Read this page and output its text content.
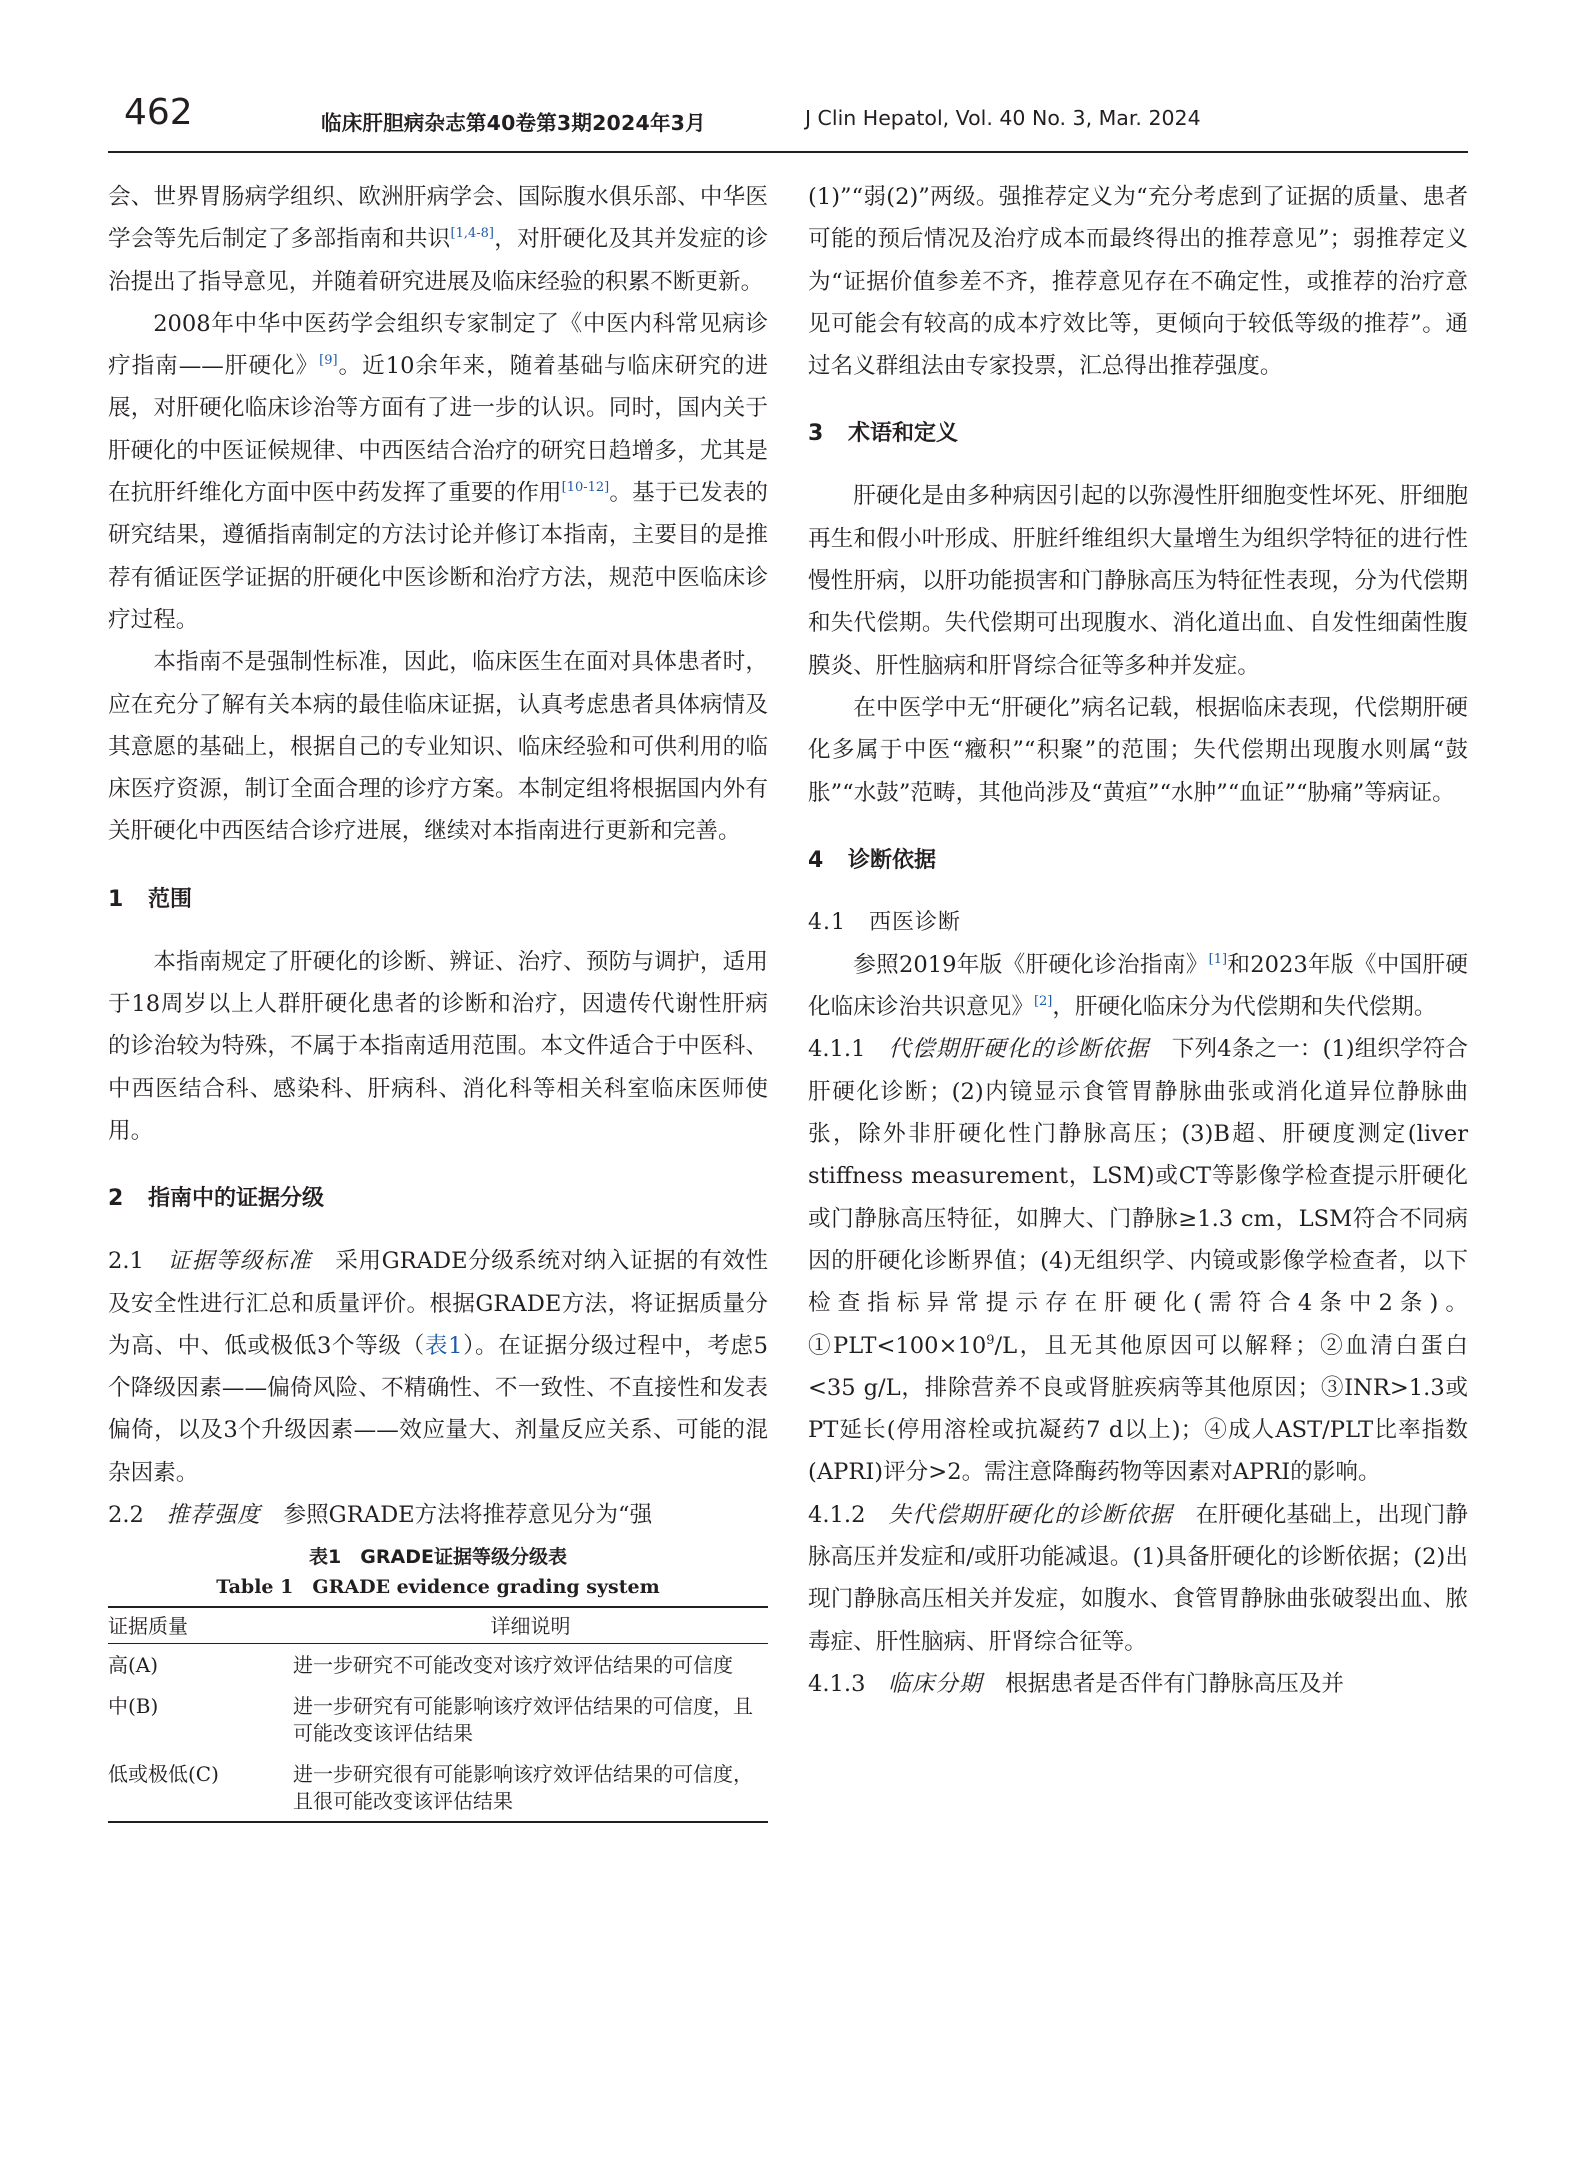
462	临床肝胆病杂志第40卷第3期2024年3月	J Clin Hepatol, Vol. 40 No. 3, Mar. 2024

会、世界胃肠病学组织、欧洲肝病学会、国际腹水俱乐部、中华医学会等先后制定了多部指南和共识[1,4-8]，对肝硬化及其并发症的诊治提出了指导意见，并随着研究进展及临床经验的积累不断更新。

2008年中华中医药学会组织专家制定了《中医内科常见病诊疗指南——肝硬化》[9]。近10余年来，随着基础与临床研究的进展，对肝硬化临床诊治等方面有了进一步的认识。同时，国内关于肝硬化的中医证候规律、中西医结合治疗的研究日趋增多，尤其是在抗肝纤维化方面中医中药发挥了重要的作用[10-12]。基于已发表的研究结果，遵循指南制定的方法讨论并修订本指南，主要目的是推荐有循证医学证据的肝硬化中医诊断和治疗方法，规范中医临床诊疗过程。

本指南不是强制性标准，因此，临床医生在面对具体患者时，应在充分了解有关本病的最佳临床证据，认真考虑患者具体病情及其意愿的基础上，根据自己的专业知识、临床经验和可供利用的临床医疗资源，制订全面合理的诊疗方案。本制定组将根据国内外有关肝硬化中西医结合诊疗进展，继续对本指南进行更新和完善。

1 范围

本指南规定了肝硬化的诊断、辨证、治疗、预防与调护，适用于18周岁以上人群肝硬化患者的诊断和治疗，因遗传代谢性肝病的诊治较为特殊，不属于本指南适用范围。本文件适合于中医科、中西医结合科、感染科、肝病科、消化科等相关科室临床医师使用。

2 指南中的证据分级

2.1　 证据等级标准　 采用GRADE分级系统对纳入证据的有效性及安全性进行汇总和质量评价。根据GRADE方法，将证据质量分为高、中、低或极低3个等级（表1）。在证据分级过程中，考虑5个降级因素——偏倚风险、不精确性、不一致性、不直接性和发表偏倚，以及3个升级因素——效应量大、剂量反应关系、可能的混杂因素。

2.2　 推荐强度　 参照GRADE方法将推荐意见分为“强

表1　GRADE证据等级分级表
Table 1　GRADE evidence grading system
证据质量	详细说明
高(A)	进一步研究不可能改变对该疗效评估结果的可信度
中(B)	进一步研究有可能影响该疗效评估结果的可信度，且可能改变该评估结果
低或极低(C)	进一步研究很有可能影响该疗效评估结果的可信度，且很可能改变该评估结果

(1)”“弱(2)”两级。强推荐定义为“充分考虑到了证据的质量、患者可能的预后情况及治疗成本而最终得出的推荐意见”；弱推荐定义为“证据价值参差不齐，推荐意见存在不确定性，或推荐的治疗意见可能会有较高的成本疗效比等，更倾向于较低等级的推荐”。通过名义群组法由专家投票，汇总得出推荐强度。

3 术语和定义

肝硬化是由多种病因引起的以弥漫性肝细胞变性坏死、肝细胞再生和假小叶形成、肝脏纤维组织大量增生为组织学特征的进行性慢性肝病，以肝功能损害和门静脉高压为特征性表现，分为代偿期和失代偿期。失代偿期可出现腹水、消化道出血、自发性细菌性腹膜炎、肝性脑病和肝肾综合征等多种并发症。

在中医学中无“肝硬化”病名记载，根据临床表现，代偿期肝硬化多属于中医“癥积”“积聚”的范围；失代偿期出现腹水则属“鼓胀”“水鼓”范畴，其他尚涉及“黄疸”“水肿”“血证”“胁痛”等病证。

4 诊断依据
4.1　西医诊断

参照2019年版《肝硬化诊治指南》[1]和2023年版《中国肝硬化临床诊治共识意见》[2]，肝硬化临床分为代偿期和失代偿期。

4.1.1　 代偿期肝硬化的诊断依据　 下列4条之一：(1)组织学符合肝硬化诊断；(2)内镜显示食管胃静脉曲张或消化道异位静脉曲张，除外非肝硬化性门静脉高压；(3)B超、肝硬度测定(liver stiffness measurement，LSM)或CT等影像学检查提示肝硬化或门静脉高压特征，如脾大、门静脉≥1.3 cm，LSM符合不同病因的肝硬化诊断界值；(4)无组织学、内镜或影像学检查者，以下检查指标异常提示存在肝硬化(需符合4条中2条)。$①PLT<100\times 10^9/L$，且无其他原因可以解释；②血清白蛋白<35 g/L，排除营养不良或肾脏疾病等其他原因；③INR>1.3或PT延长(停用溶栓或抗凝药7 d以上)；④成人AST/PLT比率指数(APRI)评分>2。需注意降酶药物等因素对APRI的影响。

4.1.2　 失代偿期肝硬化的诊断依据　 在肝硬化基础上，出现门静脉高压并发症和/或肝功能减退。(1)具备肝硬化的诊断依据；(2)出现门静脉高压相关并发症，如腹水、食管胃静脉曲张破裂出血、脓毒症、肝性脑病、肝肾综合征等。

4.1.3　 临床分期　 根据患者是否伴有门静脉高压及并
